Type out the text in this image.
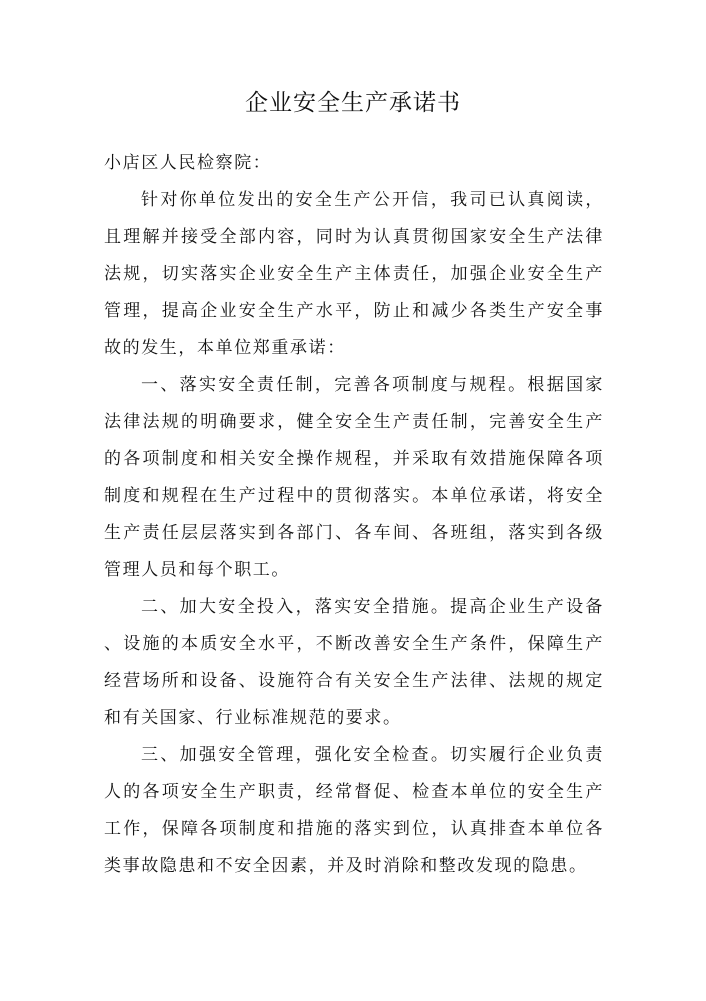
企业安全生产承诺书

小店区人民检察院：

针对你单位发出的安全生产公开信，我司已认真阅读，且理解并接受全部内容，同时为认真贯彻国家安全生产法律法规，切实落实企业安全生产主体责任，加强企业安全生产管理，提高企业安全生产水平，防止和减少各类生产安全事故的发生，本单位郑重承诺：

一、落实安全责任制，完善各项制度与规程。根据国家法律法规的明确要求，健全安全生产责任制，完善安全生产的各项制度和相关安全操作规程，并采取有效措施保障各项制度和规程在生产过程中的贯彻落实。本单位承诺，将安全生产责任层层落实到各部门、各车间、各班组，落实到各级管理人员和每个职工。

二、加大安全投入，落实安全措施。提高企业生产设备、设施的本质安全水平，不断改善安全生产条件，保障生产经营场所和设备、设施符合有关安全生产法律、法规的规定和有关国家、行业标准规范的要求。

三、加强安全管理，强化安全检查。切实履行企业负责人的各项安全生产职责，经常督促、检查本单位的安全生产工作，保障各项制度和措施的落实到位，认真排查本单位各类事故隐患和不安全因素，并及时消除和整改发现的隐患。
